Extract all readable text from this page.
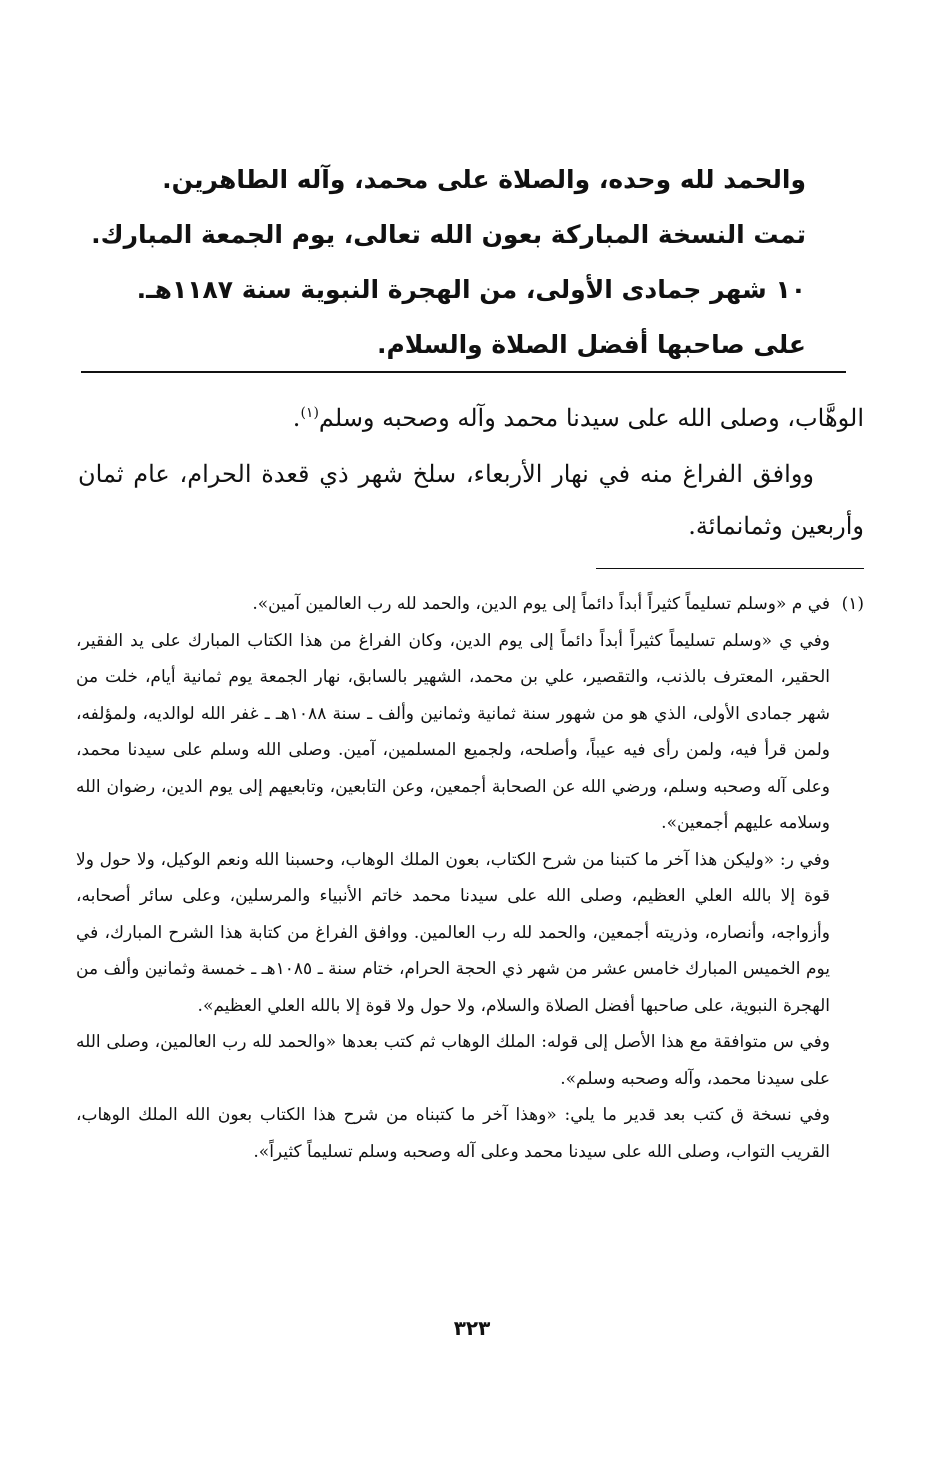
والحمد لله وحده، والصلاة على محمد، وآله الطاهرين.
تمت النسخة المباركة بعون الله تعالى، يوم الجمعة المبارك.
١٠ شهر جمادى الأولى، من الهجرة النبوية سنة ١١٨٧هـ.
على صاحبها أفضل الصلاة والسلام.

الوهَّاب، وصلى الله على سيدنا محمد وآله وصحبه وسلم$^{(١)}$.

ووافق الفراغ منه في نهار الأربعاء، سلخ شهر ذي قعدة الحرام، عام ثمان وأربعين وثمانمائة.

(١)

في م «وسلم تسليماً كثيراً أبداً دائماً إلى يوم الدين، والحمد لله رب العالمين آمين».

وفي ي «وسلم تسليماً كثيراً أبداً دائماً إلى يوم الدين، وكان الفراغ من هذا الكتاب المبارك على يد الفقير، الحقير، المعترف بالذنب، والتقصير، علي بن محمد، الشهير بالسابق، نهار الجمعة يوم ثمانية أيام، خلت من شهر جمادى الأولى، الذي هو من شهور سنة ثمانية وثمانين وألف ـ سنة ١٠٨٨هـ ـ غفر الله لوالديه، ولمؤلفه، ولمن قرأ فيه، ولمن رأى فيه عيباً، وأصلحه، ولجميع المسلمين، آمين. وصلى الله وسلم على سيدنا محمد، وعلى آله وصحبه وسلم، ورضي الله عن الصحابة أجمعين، وعن التابعين، وتابعيهم إلى يوم الدين، رضوان الله وسلامه عليهم أجمعين».

وفي ر: «وليكن هذا آخر ما كتبنا من شرح الكتاب، بعون الملك الوهاب، وحسبنا الله ونعم الوكيل، ولا حول ولا قوة إلا بالله العلي العظيم، وصلى الله على سيدنا محمد خاتم الأنبياء والمرسلين، وعلى سائر أصحابه، وأزواجه، وأنصاره، وذريته أجمعين، والحمد لله رب العالمين. ووافق الفراغ من كتابة هذا الشرح المبارك، في يوم الخميس المبارك خامس عشر من شهر ذي الحجة الحرام، ختام سنة ـ ١٠٨٥هـ ـ خمسة وثمانين وألف من الهجرة النبوية، على صاحبها أفضل الصلاة والسلام، ولا حول ولا قوة إلا بالله العلي العظيم».

وفي س متوافقة مع هذا الأصل إلى قوله: الملك الوهاب ثم كتب بعدها «والحمد لله رب العالمين، وصلى الله على سيدنا محمد، وآله وصحبه وسلم».

وفي نسخة ق كتب بعد قدير ما يلي: «وهذا آخر ما كتبناه من شرح هذا الكتاب بعون الله الملك الوهاب، القريب التواب، وصلى الله على سيدنا محمد وعلى آله وصحبه وسلم تسليماً كثيراً».

٣٢٣
